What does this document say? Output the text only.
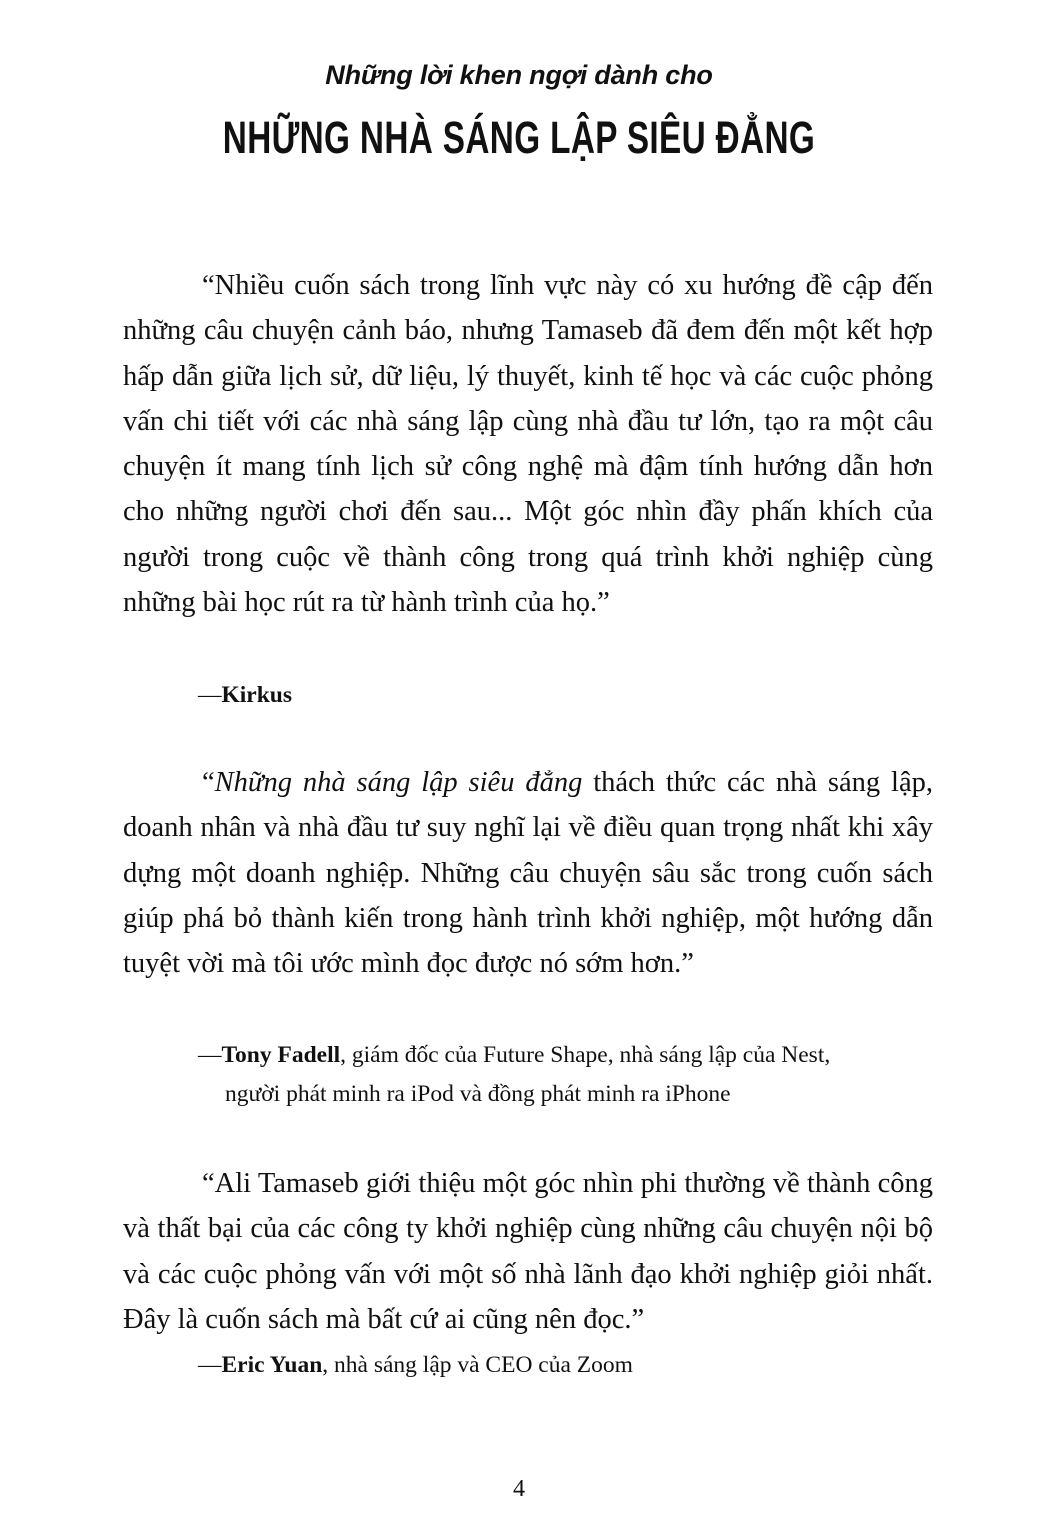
Những lời khen ngợi dành cho
NHỮNG NHÀ SÁNG LẬP SIÊU ĐẲNG

“Nhiều cuốn sách trong lĩnh vực này có xu hướng đề cập đến những câu chuyện cảnh báo, nhưng Tamaseb đã đem đến một kết hợp hấp dẫn giữa lịch sử, dữ liệu, lý thuyết, kinh tế học và các cuộc phỏng vấn chi tiết với các nhà sáng lập cùng nhà đầu tư lớn, tạo ra một câu chuyện ít mang tính lịch sử công nghệ mà đậm tính hướng dẫn hơn cho những người chơi đến sau... Một góc nhìn đầy phấn khích của người trong cuộc về thành công trong quá trình khởi nghiệp cùng những bài học rút ra từ hành trình của họ.”

—Kirkus

“Những nhà sáng lập siêu đẳng thách thức các nhà sáng lập, doanh nhân và nhà đầu tư suy nghĩ lại về điều quan trọng nhất khi xây dựng một doanh nghiệp. Những câu chuyện sâu sắc trong cuốn sách giúp phá bỏ thành kiến trong hành trình khởi nghiệp, một hướng dẫn tuyệt vời mà tôi ước mình đọc được nó sớm hơn.”

—Tony Fadell, giám đốc của Future Shape, nhà sáng lập của Nest,
người phát minh ra iPod và đồng phát minh ra iPhone

“Ali Tamaseb giới thiệu một góc nhìn phi thường về thành công và thất bại của các công ty khởi nghiệp cùng những câu chuyện nội bộ và các cuộc phỏng vấn với một số nhà lãnh đạo khởi nghiệp giỏi nhất. Đây là cuốn sách mà bất cứ ai cũng nên đọc.”

—Eric Yuan, nhà sáng lập và CEO của Zoom

4
